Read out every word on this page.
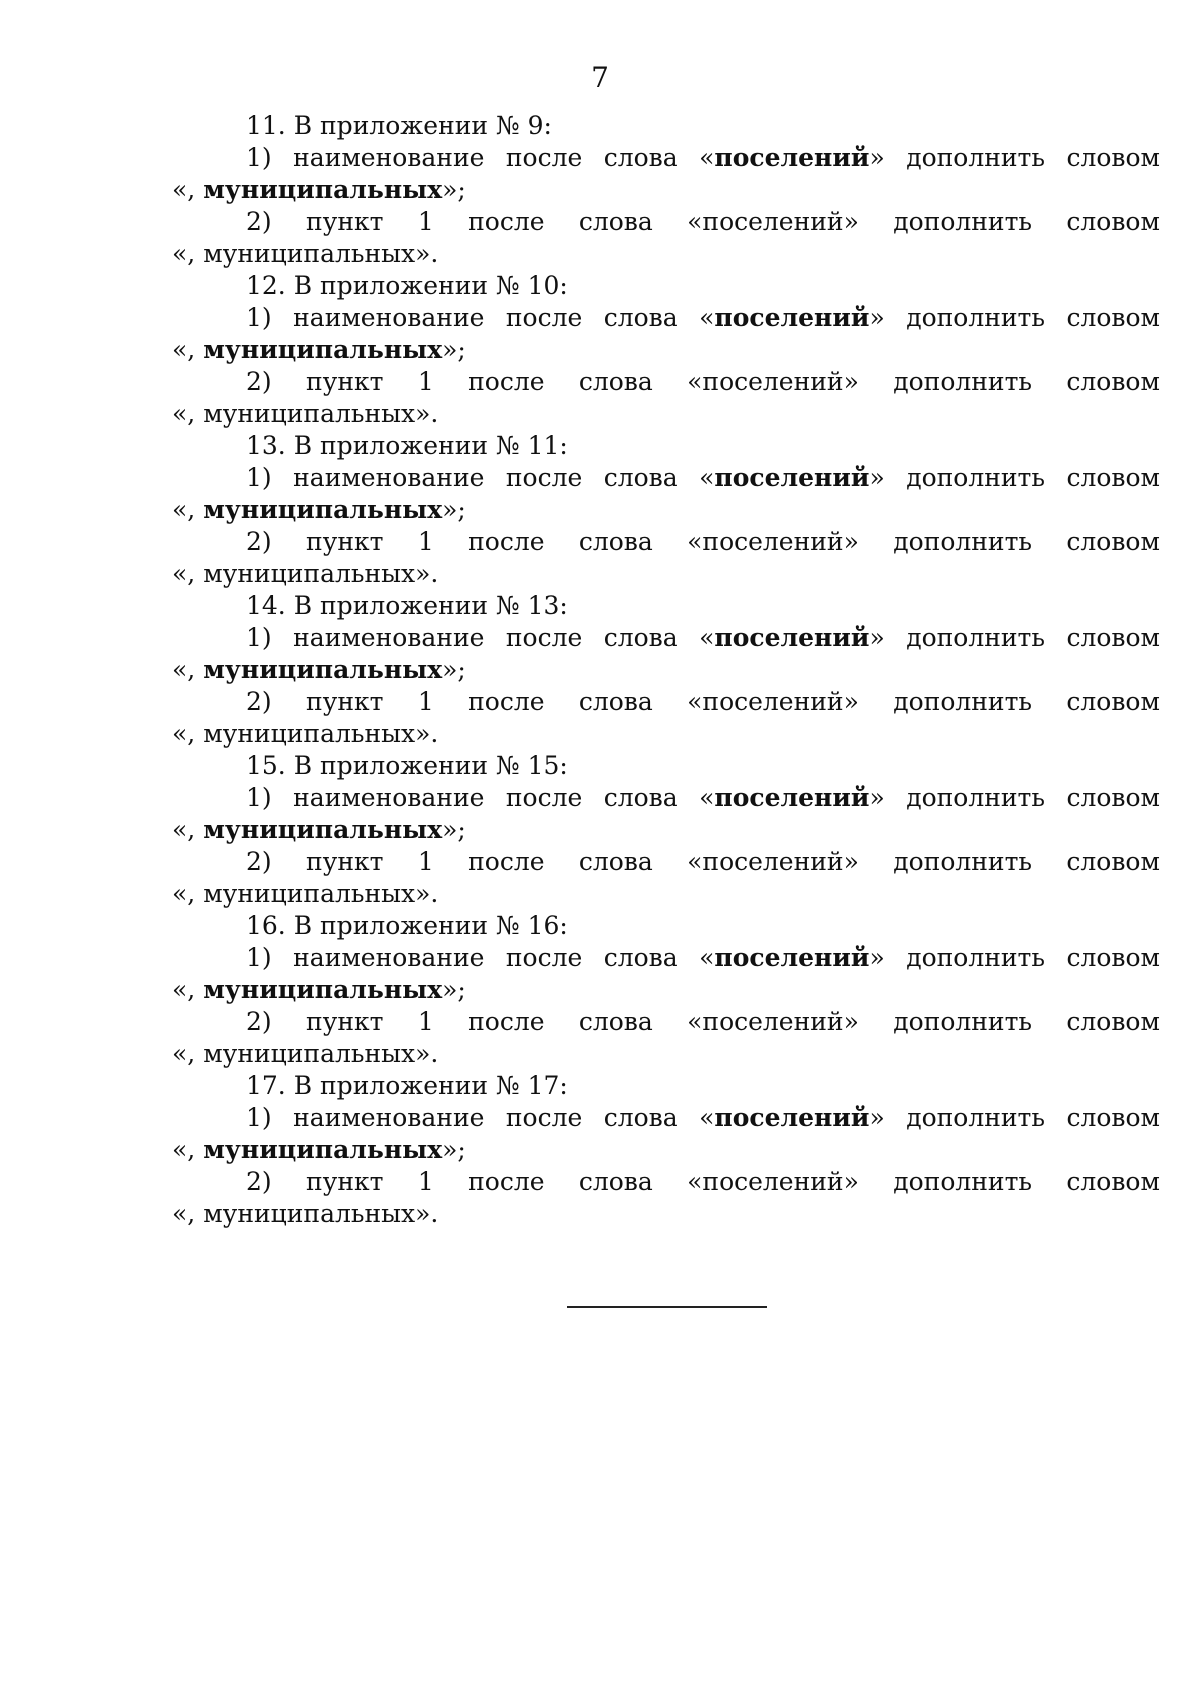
7
11. В приложении № 9:
1) наименование после слова «поселений» дополнить словом
«, муниципальных»;
2) пункт 1 после слова «поселений» дополнить словом
«, муниципальных».
12. В приложении № 10:
1) наименование после слова «поселений» дополнить словом
«, муниципальных»;
2) пункт 1 после слова «поселений» дополнить словом
«, муниципальных».
13. В приложении № 11:
1) наименование после слова «поселений» дополнить словом
«, муниципальных»;
2) пункт 1 после слова «поселений» дополнить словом
«, муниципальных».
14. В приложении № 13:
1) наименование после слова «поселений» дополнить словом
«, муниципальных»;
2) пункт 1 после слова «поселений» дополнить словом
«, муниципальных».
15. В приложении № 15:
1) наименование после слова «поселений» дополнить словом
«, муниципальных»;
2) пункт 1 после слова «поселений» дополнить словом
«, муниципальных».
16. В приложении № 16:
1) наименование после слова «поселений» дополнить словом
«, муниципальных»;
2) пункт 1 после слова «поселений» дополнить словом
«, муниципальных».
17. В приложении № 17:
1) наименование после слова «поселений» дополнить словом
«, муниципальных»;
2) пункт 1 после слова «поселений» дополнить словом
«, муниципальных».
